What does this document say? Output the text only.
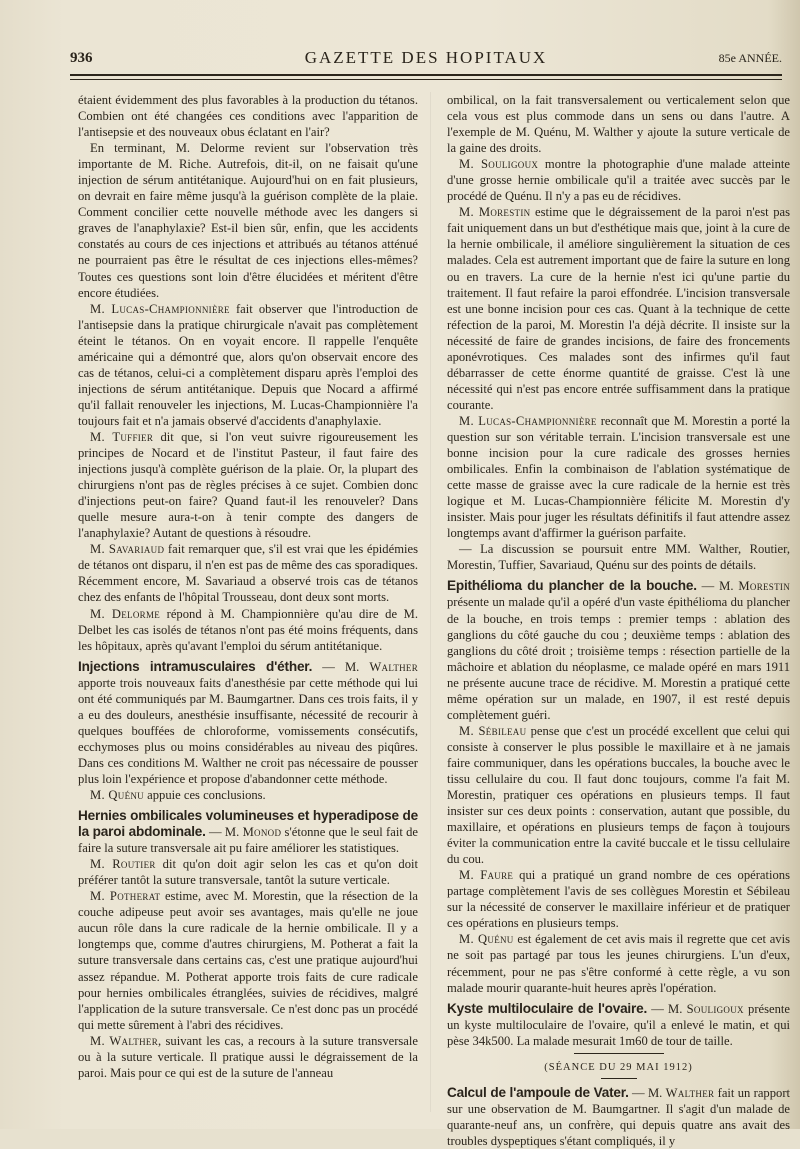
936	GAZETTE DES HOPITAUX	85e ANNÉE.

étaient évidemment des plus favorables à la production du tétanos. Combien ont été changées ces conditions avec l'apparition de l'antisepsie et des nouveaux obus éclatant en l'air?

En terminant, M. Delorme revient sur l'observation très importante de M. Riche. Autrefois, dit-il, on ne faisait qu'une injection de sérum antitétanique. Aujourd'hui on en fait plusieurs, on devrait en faire même jusqu'à la guérison complète de la plaie. Comment concilier cette nouvelle méthode avec les dangers si graves de l'anaphylaxie? Est-il bien sûr, enfin, que les accidents constatés au cours de ces injections et attribués au tétanos atténué ne pourraient pas être le résultat de ces injections elles-mêmes? Toutes ces questions sont loin d'être élucidées et méritent d'être encore étudiées.

M. Lucas-Championnière fait observer que l'introduction de l'antisepsie dans la pratique chirurgicale n'avait pas complètement éteint le tétanos. On en voyait encore. Il rappelle l'enquête américaine qui a démontré que, alors qu'on observait encore des cas de tétanos, celui-ci a complètement disparu après l'emploi des injections de sérum antitétanique. Depuis que Nocard a affirmé qu'il fallait renouveler les injections, M. Lucas-Championnière l'a toujours fait et n'a jamais observé d'accidents d'anaphylaxie.

M. Tuffier dit que, si l'on veut suivre rigoureusement les principes de Nocard et de l'institut Pasteur, il faut faire des injections jusqu'à complète guérison de la plaie. Or, la plupart des chirurgiens n'ont pas de règles précises à ce sujet. Combien donc d'injections peut-on faire? Quand faut-il les renouveler? Dans quelle mesure aura-t-on à tenir compte des dangers de l'anaphylaxie? Autant de questions à résoudre.

M. Savariaud fait remarquer que, s'il est vrai que les épidémies de tétanos ont disparu, il n'en est pas de même des cas sporadiques. Récemment encore, M. Savariaud a observé trois cas de tétanos chez des enfants de l'hôpital Trousseau, dont deux sont morts.

M. Delorme répond à M. Championnière qu'au dire de M. Delbet les cas isolés de tétanos n'ont pas été moins fréquents, dans les hôpitaux, après qu'avant l'emploi du sérum antitétanique.

Injections intramusculaires d'éther. — M. Walther apporte trois nouveaux faits d'anesthésie par cette méthode qui lui ont été communiqués par M. Baumgartner. Dans ces trois faits, il y a eu des douleurs, anesthésie insuffisante, nécessité de recourir à quelques bouffées de chloroforme, vomissements consécutifs, ecchymoses plus ou moins considérables au niveau des piqûres. Dans ces conditions M. Walther ne croit pas nécessaire de pousser plus loin l'expérience et propose d'abandonner cette méthode.

M. Quénu appuie ces conclusions.

Hernies ombilicales volumineuses et hyperadipose de la paroi abdominale. — M. Monod s'étonne que le seul fait de faire la suture transversale ait pu faire améliorer les statistiques.

M. Routier dit qu'on doit agir selon les cas et qu'on doit préférer tantôt la suture transversale, tantôt la suture verticale.

M. Potherat estime, avec M. Morestin, que la résection de la couche adipeuse peut avoir ses avantages, mais qu'elle ne joue aucun rôle dans la cure radicale de la hernie ombilicale. Il y a longtemps que, comme d'autres chirurgiens, M. Potherat a fait la suture transversale dans certains cas, c'est une pratique aujourd'hui assez répandue. M. Potherat apporte trois faits de cure radicale pour hernies ombilicales étranglées, suivies de récidives, malgré l'application de la suture transversale. Ce n'est donc pas un procédé qui mette sûrement à l'abri des récidives.

M. Walther, suivant les cas, a recours à la suture transversale ou à la suture verticale. Il pratique aussi le dégraissement de la paroi. Mais pour ce qui est de la suture de l'anneau

ombilical, on la fait transversalement ou verticalement selon que cela vous est plus commode dans un sens ou dans l'autre. A l'exemple de M. Quénu, M. Walther y ajoute la suture verticale de la gaine des droits.

M. Souligoux montre la photographie d'une malade atteinte d'une grosse hernie ombilicale qu'il a traitée avec succès par le procédé de Quénu. Il n'y a pas eu de récidives.

M. Morestin estime que le dégraissement de la paroi n'est pas fait uniquement dans un but d'esthétique mais que, joint à la cure de la hernie ombilicale, il améliore singulièrement la situation de ces malades. Cela est autrement important que de faire la suture en long ou en travers. La cure de la hernie n'est ici qu'une partie du traitement. Il faut refaire la paroi effondrée. L'incision transversale est une bonne incision pour ces cas. Quant à la technique de cette réfection de la paroi, M. Morestin l'a déjà décrite. Il insiste sur la nécessité de faire de grandes incisions, de faire des froncements aponévrotiques. Ces malades sont des infirmes qu'il faut débarrasser de cette énorme quantité de graisse. C'est là une nécessité qui n'est pas encore entrée suffisamment dans la pratique courante.

M. Lucas-Championnière reconnaît que M. Morestin a porté la question sur son véritable terrain. L'incision transversale est une bonne incision pour la cure radicale des grosses hernies ombilicales. Enfin la combinaison de l'ablation systématique de cette masse de graisse avec la cure radicale de la hernie est très logique et M. Lucas-Championnière félicite M. Morestin d'y insister. Mais pour juger les résultats définitifs il faut attendre assez longtemps avant d'affirmer la guérison parfaite.

— La discussion se poursuit entre MM. Walther, Routier, Morestin, Tuffier, Savariaud, Quénu sur des points de détails.

Epithélioma du plancher de la bouche. — M. Morestin présente un malade qu'il a opéré d'un vaste épithélioma du plancher de la bouche, en trois temps : premier temps : ablation des ganglions du côté gauche du cou ; deuxième temps : ablation des ganglions du côté droit ; troisième temps : résection partielle de la mâchoire et ablation du néoplasme, ce malade opéré en mars 1911 ne présente aucune trace de récidive. M. Morestin a pratiqué cette même opération sur un malade, en 1907, il est resté depuis complètement guéri.

M. Sébileau pense que c'est un procédé excellent que celui qui consiste à conserver le plus possible le maxillaire et à ne jamais faire communiquer, dans les opérations buccales, la bouche avec le tissu cellulaire du cou. Il faut donc toujours, comme l'a fait M. Morestin, pratiquer ces opérations en plusieurs temps. Il faut insister sur ces deux points : conservation, autant que possible, du maxillaire, et opérations en plusieurs temps de façon à toujours éviter la communication entre la cavité buccale et le tissu cellulaire du cou.

M. Faure qui a pratiqué un grand nombre de ces opérations partage complètement l'avis de ses collègues Morestin et Sébileau sur la nécessité de conserver le maxillaire inférieur et de pratiquer ces opérations en plusieurs temps.

M. Quénu est également de cet avis mais il regrette que cet avis ne soit pas partagé par tous les jeunes chirurgiens. L'un d'eux, récemment, pour ne pas s'être conformé à cette règle, a vu son malade mourir quarante-huit heures après l'opération.

Kyste multiloculaire de l'ovaire. — M. Souligoux présente un kyste multiloculaire de l'ovaire, qu'il a enlevé le matin, et qui pèse 34k500. La malade mesurait 1m60 de tour de taille.

(SÉANCE DU 29 MAI 1912)

Calcul de l'ampoule de Vater. — M. Walther fait un rapport sur une observation de M. Baumgartner. Il s'agit d'un malade de quarante-neuf ans, un confrère, qui depuis quatre ans avait des troubles dyspeptiques s'étant compliqués, il y
